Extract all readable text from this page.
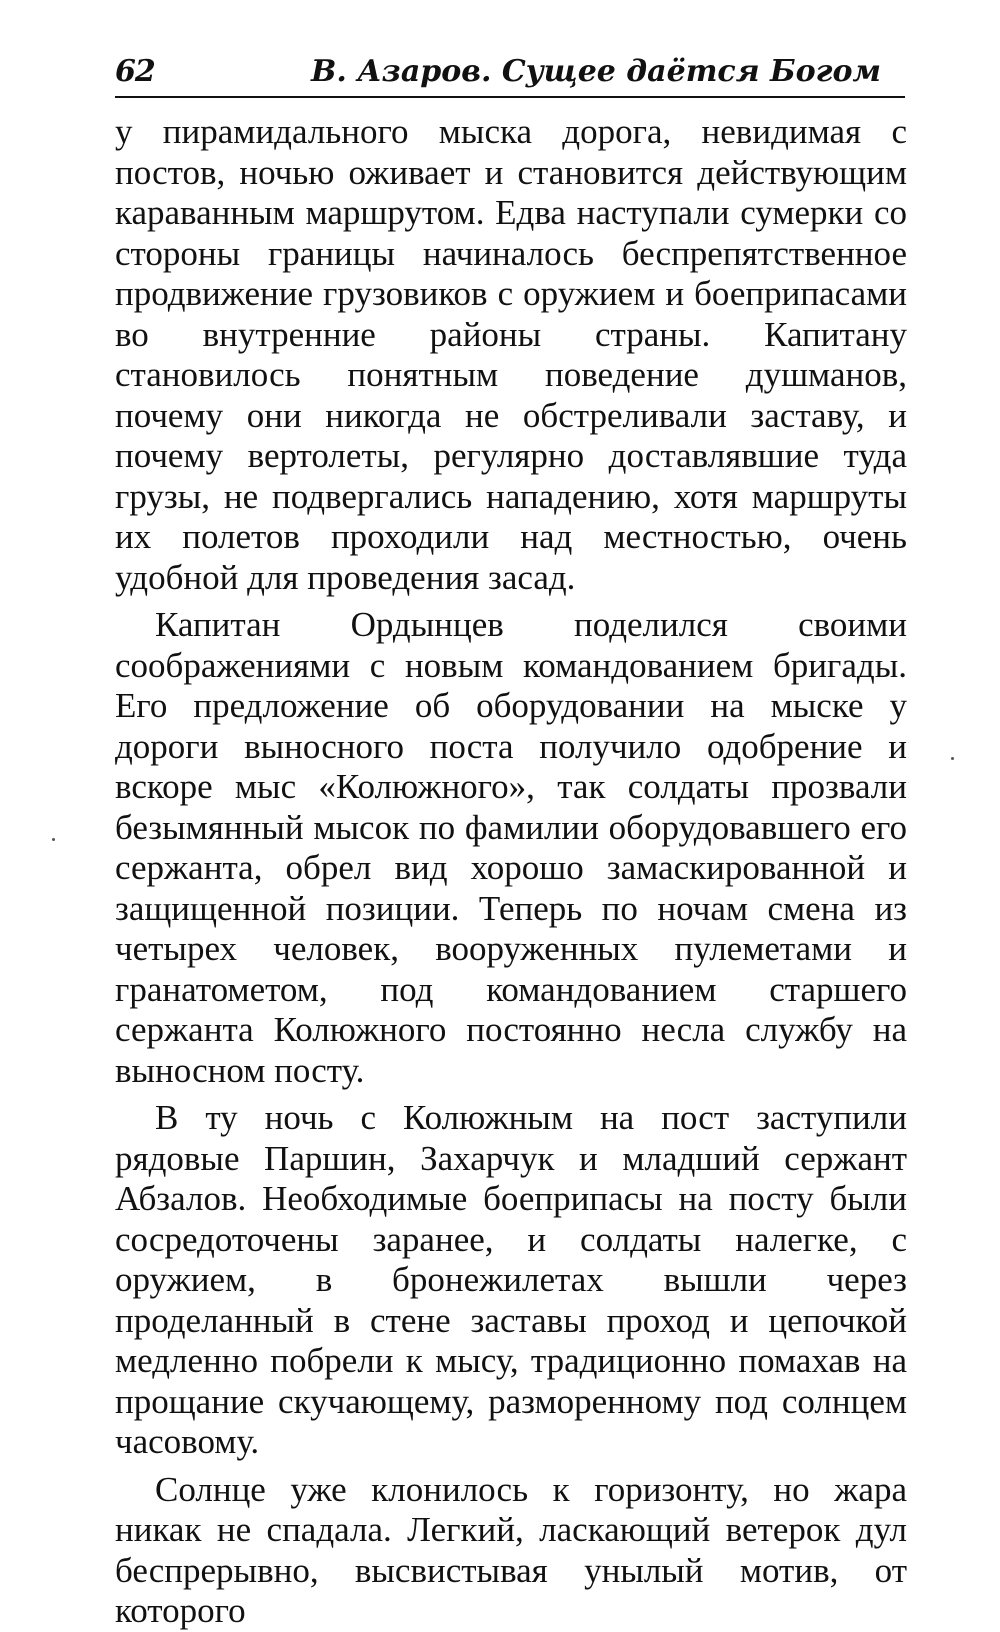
62	В. Азаров. Сущее даётся Богом

у пирамидального мыска дорога, невидимая с постов, ночью оживает и становится действующим караванным маршрутом. Едва наступали сумерки со стороны границы начиналось беспрепятственное продвижение грузовиков с оружием и боеприпасами во внутренние районы страны. Капитану становилось понятным поведение душманов, почему они никогда не обстреливали заставу, и почему вертолеты, регулярно доставлявшие туда грузы, не подвергались нападению, хотя маршруты их полетов проходили над местностью, очень удобной для проведения засад.

Капитан Ордынцев поделился своими соображениями с новым командованием бригады. Его предложение об оборудовании на мыске у дороги выносного поста получило одобрение и вскоре мыс «Колюжного», так солдаты прозвали безымянный мысок по фамилии оборудовавшего его сержанта, обрел вид хорошо замаскированной и защищенной позиции. Теперь по ночам смена из четырех человек, вооруженных пулеметами и гранатометом, под командованием старшего сержанта Колюжного постоянно несла службу на выносном посту.

В ту ночь с Колюжным на пост заступили рядовые Паршин, Захарчук и младший сержант Абзалов. Необходимые боеприпасы на посту были сосредоточены заранее, и солдаты налегке, с оружием, в бронежилетах вышли через проделанный в стене заставы проход и цепочкой медленно побрели к мысу, традиционно помахав на прощание скучающему, разморенному под солнцем часовому.

Солнце уже клонилось к горизонту, но жара никак не спадала. Легкий, ласкающий ветерок дул беспрерывно, высвистывая унылый мотив, от которого
